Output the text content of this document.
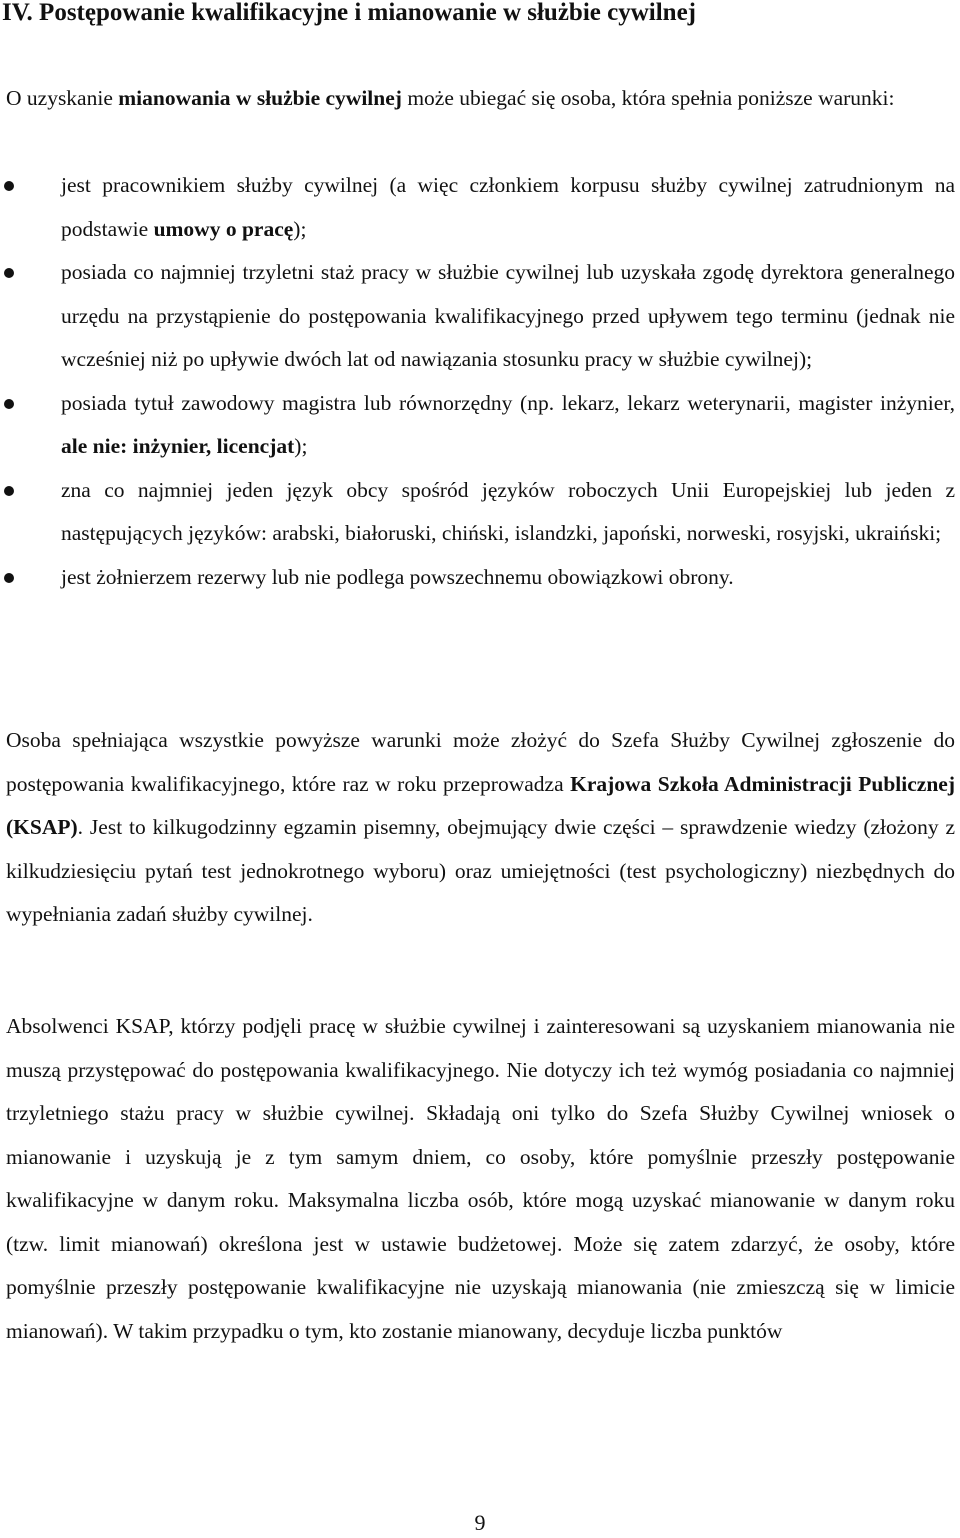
IV. Postępowanie kwalifikacyjne i mianowanie w służbie cywilnej

O uzyskanie mianowania w służbie cywilnej może ubiegać się osoba, która spełnia poniższe warunki:

jest pracownikiem służby cywilnej (a więc członkiem korpusu służby cywilnej zatrudnionym na podstawie umowy o pracę);
posiada co najmniej trzyletni staż pracy w służbie cywilnej lub uzyskała zgodę dyrektora generalnego urzędu na przystąpienie do postępowania kwalifikacyjnego przed upływem tego terminu (jednak nie wcześniej niż po upływie dwóch lat od nawiązania stosunku pracy w służbie cywilnej);
posiada tytuł zawodowy magistra lub równorzędny (np. lekarz, lekarz weterynarii, magister inżynier, ale nie: inżynier, licencjat);
zna co najmniej jeden język obcy spośród języków roboczych Unii Europejskiej lub jeden z następujących języków: arabski, białoruski, chiński, islandzki, japoński, norweski, rosyjski, ukraiński;
jest żołnierzem rezerwy lub nie podlega powszechnemu obowiązkowi obrony.

Osoba spełniająca wszystkie powyższe warunki może złożyć do Szefa Służby Cywilnej zgłoszenie do postępowania kwalifikacyjnego, które raz w roku przeprowadza Krajowa Szkoła Administracji Publicznej (KSAP). Jest to kilkugodzinny egzamin pisemny, obejmujący dwie części – sprawdzenie wiedzy (złożony z kilkudziesięciu pytań test jednokrotnego wyboru) oraz umiejętności (test psychologiczny) niezbędnych do wypełniania zadań służby cywilnej.

Absolwenci KSAP, którzy podjęli pracę w służbie cywilnej i zainteresowani są uzyskaniem mianowania nie muszą przystępować do postępowania kwalifikacyjnego. Nie dotyczy ich też wymóg posiadania co najmniej trzyletniego stażu pracy w służbie cywilnej. Składają oni tylko do Szefa Służby Cywilnej wniosek o mianowanie i uzyskują je z tym samym dniem, co osoby, które pomyślnie przeszły postępowanie kwalifikacyjne w danym roku. Maksymalna liczba osób, które mogą uzyskać mianowanie w danym roku (tzw. limit mianowań) określona jest w ustawie budżetowej. Może się zatem zdarzyć, że osoby, które pomyślnie przeszły postępowanie kwalifikacyjne nie uzyskają mianowania (nie zmieszczą się w limicie mianowań). W takim przypadku o tym, kto zostanie mianowany, decyduje liczba punktów

9
